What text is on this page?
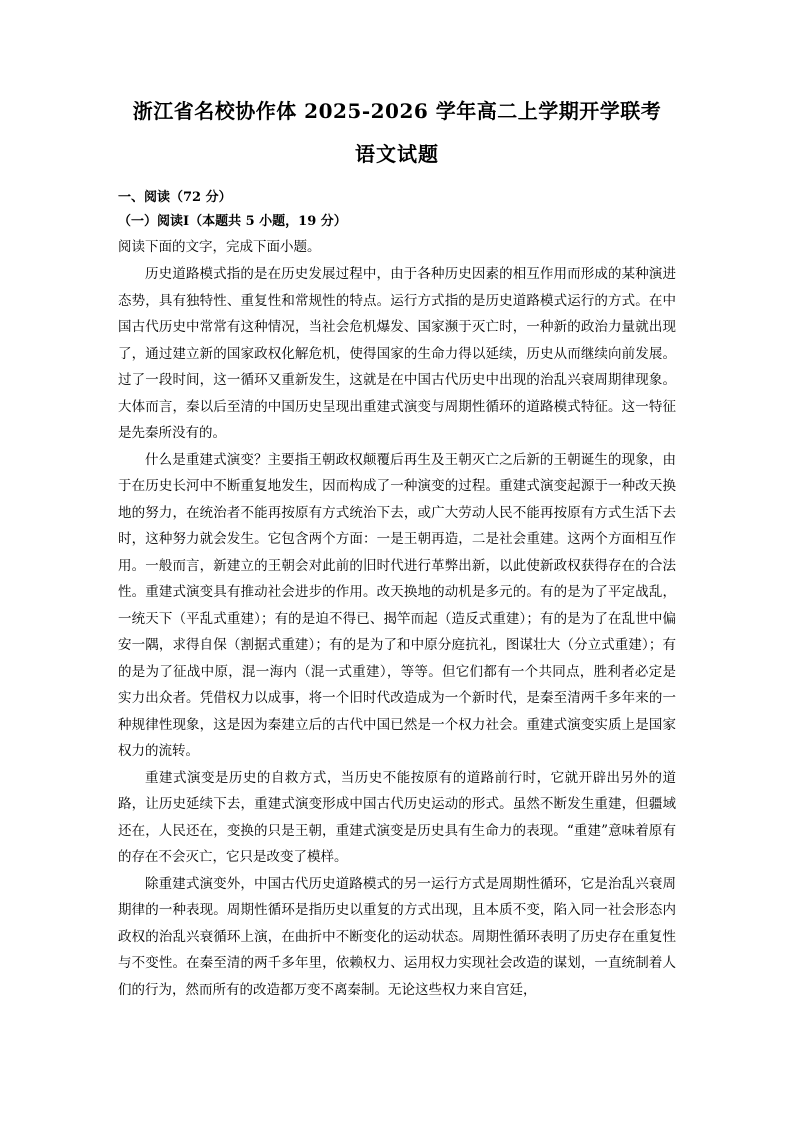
浙江省名校协作体 2025-2026 学年高二上学期开学联考
语文试题
一、阅读（72 分）
（一）阅读Ⅰ（本题共 5 小题，19 分）
阅读下面的文字，完成下面小题。

历史道路模式指的是在历史发展过程中，由于各种历史因素的相互作用而形成的某种演进态势，具有独特性、重复性和常规性的特点。运行方式指的是历史道路模式运行的方式。在中国古代历史中常常有这种情况，当社会危机爆发、国家濒于灭亡时，一种新的政治力量就出现了，通过建立新的国家政权化解危机，使得国家的生命力得以延续，历史从而继续向前发展。过了一段时间，这一循环又重新发生，这就是在中国古代历史中出现的治乱兴衰周期律现象。大体而言，秦以后至清的中国历史呈现出重建式演变与周期性循环的道路模式特征。这一特征是先秦所没有的。

什么是重建式演变？主要指王朝政权颠覆后再生及王朝灭亡之后新的王朝诞生的现象，由于在历史长河中不断重复地发生，因而构成了一种演变的过程。重建式演变起源于一种改天换地的努力，在统治者不能再按原有方式统治下去，或广大劳动人民不能再按原有方式生活下去时，这种努力就会发生。它包含两个方面：一是王朝再造，二是社会重建。这两个方面相互作用。一般而言，新建立的王朝会对此前的旧时代进行革弊出新，以此使新政权获得存在的合法性。重建式演变具有推动社会进步的作用。改天换地的动机是多元的。有的是为了平定战乱，一统天下（平乱式重建）；有的是迫不得已、揭竿而起（造反式重建）；有的是为了在乱世中偏安一隅，求得自保（割据式重建）；有的是为了和中原分庭抗礼，图谋壮大（分立式重建）；有的是为了征战中原，混一海内（混一式重建），等等。但它们都有一个共同点，胜利者必定是实力出众者。凭借权力以成事，将一个旧时代改造成为一个新时代，是秦至清两千多年来的一种规律性现象，这是因为秦建立后的古代中国已然是一个权力社会。重建式演变实质上是国家权力的流转。

重建式演变是历史的自救方式，当历史不能按原有的道路前行时，它就开辟出另外的道路，让历史延续下去，重建式演变形成中国古代历史运动的形式。虽然不断发生重建，但疆域还在，人民还在，变换的只是王朝，重建式演变是历史具有生命力的表现。“重建”意味着原有的存在不会灭亡，它只是改变了模样。

除重建式演变外，中国古代历史道路模式的另一运行方式是周期性循环，它是治乱兴衰周期律的一种表现。周期性循环是指历史以重复的方式出现，且本质不变，陷入同一社会形态内政权的治乱兴衰循环上演，在曲折中不断变化的运动状态。周期性循环表明了历史存在重复性与不变性。在秦至清的两千多年里，依赖权力、运用权力实现社会改造的谋划，一直统制着人们的行为，然而所有的改造都万变不离秦制。无论这些权力来自宫廷，
